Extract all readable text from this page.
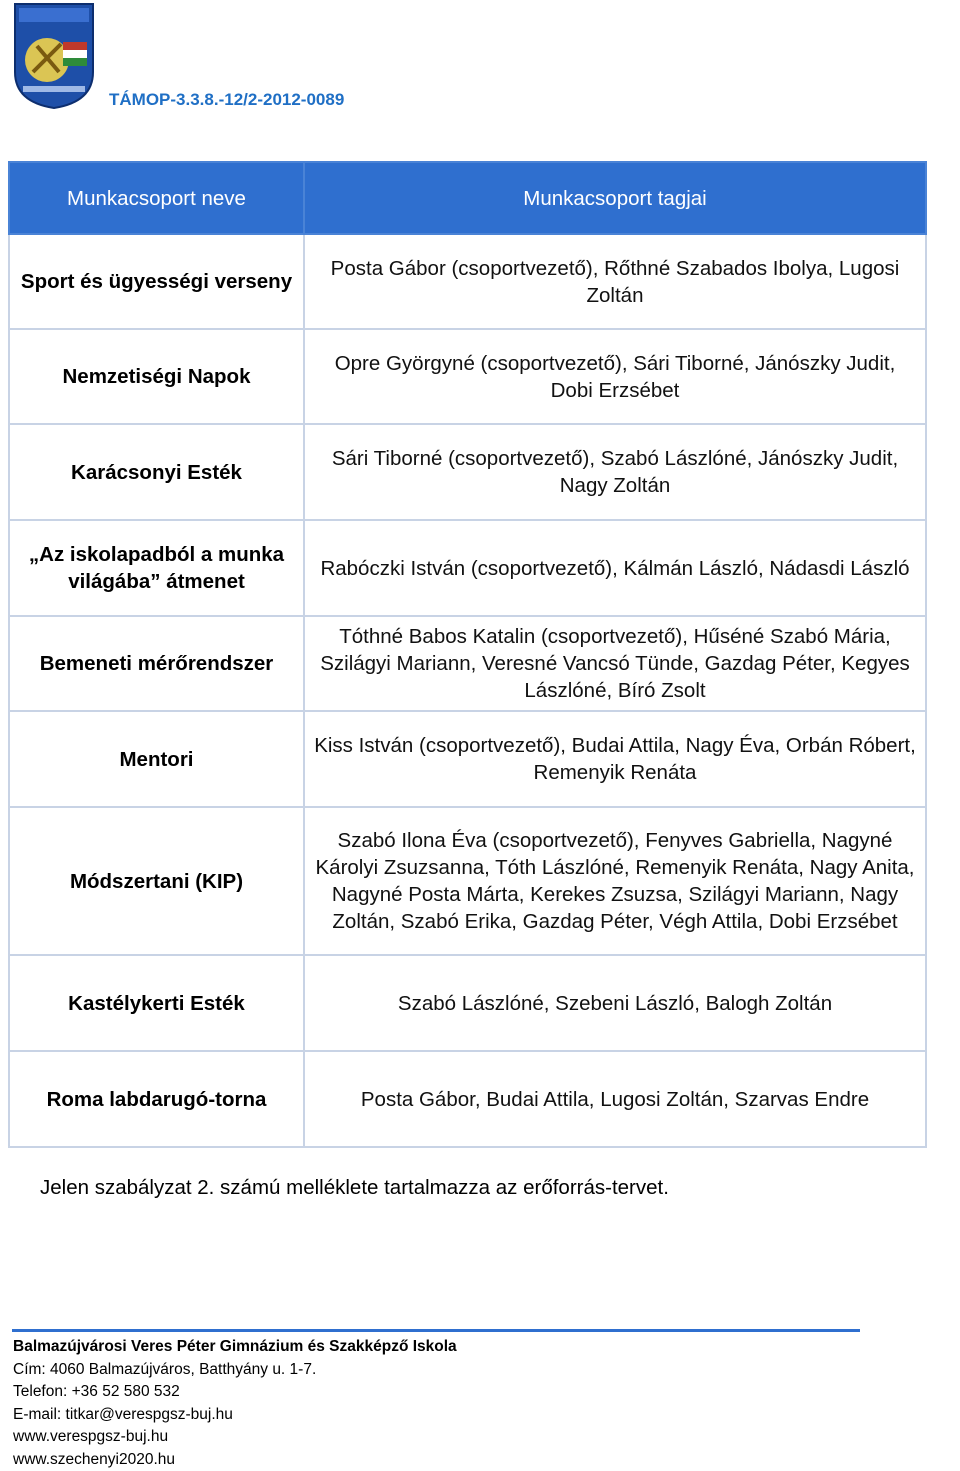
TÁMOP-3.3.8.-12/2-2012-0089
Munkacsoport neve	Munkacsoport tagjai
Sport és ügyességi verseny	Posta Gábor (csoportvezető), Rőthné Szabados Ibolya, Lugosi Zoltán
Nemzetiségi Napok	Opre Györgyné (csoportvezető), Sári Tiborné, Jánószky Judit, Dobi Erzsébet
Karácsonyi Esték	Sári Tiborné (csoportvezető), Szabó Lászlóné, Jánószky Judit, Nagy Zoltán
„Az iskolapadból a munka világába” átmenet	Rabóczki István (csoportvezető), Kálmán László, Nádasdi László
Bemeneti mérőrendszer	Tóthné Babos Katalin (csoportvezető), Hűséné Szabó Mária, Szilágyi Mariann, Veresné Vancsó Tünde, Gazdag Péter, Kegyes Lászlóné, Bíró Zsolt
Mentori	Kiss István (csoportvezető), Budai Attila, Nagy Éva, Orbán Róbert, Remenyik Renáta
Módszertani (KIP)	Szabó Ilona Éva (csoportvezető), Fenyves Gabriella, Nagyné Károlyi Zsuzsanna, Tóth Lászlóné, Remenyik Renáta, Nagy Anita, Nagyné Posta Márta, Kerekes Zsuzsa, Szilágyi Mariann, Nagy Zoltán, Szabó Erika, Gazdag Péter, Végh Attila, Dobi Erzsébet
Kastélykerti Esték	Szabó Lászlóné, Szebeni László, Balogh Zoltán
Roma labdarugó-torna	Posta Gábor, Budai Attila, Lugosi Zoltán, Szarvas Endre
Jelen szabályzat 2. számú melléklete tartalmazza az erőforrás-tervet.
Balmazújvárosi Veres Péter Gimnázium és Szakképző Iskola
Cím: 4060 Balmazújváros, Batthyány u. 1-7.
Telefon: +36 52 580 532
E-mail: titkar@verespgsz-buj.hu
www.verespgsz-buj.hu
www.szechenyi2020.hu
